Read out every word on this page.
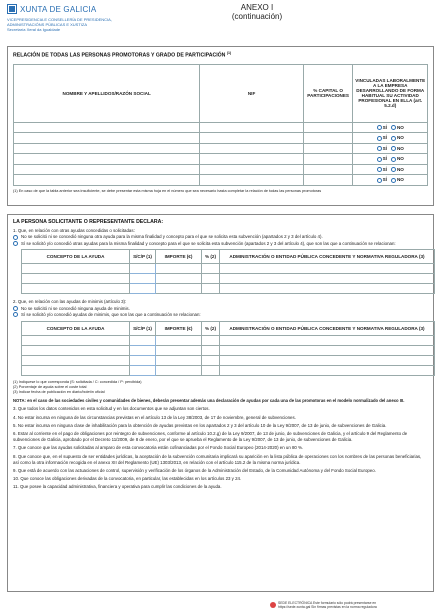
XUNTA DE GALICIA
VICEPRESIDENCIA E CONSELLERÍA DE PRESIDENCIA,
ADMINISTRACIÓNS PÚBLICAS E XUSTIZA
Secretaría Xeral da Igualdade
ANEXO I
(continuación)
RELACIÓN DE TODAS LAS PERSONAS PROMOTORAS Y GRADO DE PARTICIPACIÓN $^{(1)}$
NOMBRE Y APELLIDOS/RAZÓN SOCIAL	NIF	% CAPITAL O PARTICIPACIONES	VINCULADAS LABORALMENTE A LA EMPRESA DESARROLLANDO DE FORMA HABITUAL SU ACTIVIDAD PROFESIONAL EN ELLA (art. 5.2.d)

			SÍ NO

			SÍ NO

			SÍ NO

			SÍ NO

			SÍ NO

			SÍ NO
(1) En caso de que la tabla anterior sea insuficiente, se debe presentar esta misma hoja en el número que sea necesario hasta completar la relación de todas las personas promotoras
LA PERSONA SOLICITANTE O REPRESENTANTE DECLARA:
1. Que, en relación con otras ayudas concedidas o solicitadas:
No se solicitó ni se concedió ninguna otra ayuda para la misma finalidad y concepto para el que se solicita esta subvención (apartados 2 y 3 del artículo 4).
Sí se solicitó y/o concedió otras ayudas para la misma finalidad y concepto para el que se solicita esta subvención (apartados 2 y 3 del artículo 4), que son las que a continuación se relacionan:
CONCEPTO DE LA AYUDA	S/C/P (1)	IMPORTE (€)	% (2)	ADMINISTRACIÓN O ENTIDAD PÚBLICA CONCEDENTE Y NORMATIVA REGULADORA (3)

2. Que, en relación con las ayudas de minimis (artículo 3):
No se solicitó ni se concedió ninguna ayuda de minimis.
Sí se solicitó y/o concedió ayudas de minimis, que son las que a continuación se relacionan:
CONCEPTO DE LA AYUDA	S/C/P (1)	IMPORTE (€)	% (2)	ADMINISTRACIÓN O ENTIDAD PÚBLICA CONCEDENTE Y NORMATIVA REGULADORA (3)

(1) Indíquese lo que corresponda (S: solicitada / C: concedida / P: percibida)
(2) Porcentaje de ayuda sobre el coste total
(3) Indicar fecha de publicación en diario/boletín oficial
NOTA: en el caso de las sociedades civiles y comunidades de bienes, deberán presentar además una declaración de ayudas por cada una de las promotoras en el modelo normalizado del anexo III.
3. Que todos los datos contenidos en esta solicitud y en los documentos que se adjuntan son ciertos.
4. No estar incursa en ninguna de las circunstancias previstas en el artículo 13 de la Ley 38/2003, de 17 de noviembre, general de subvenciones.
5. No estar incursa en ninguna clase de inhabilitación para la obtención de ayudas previstas en los apartados 2 y 3 del artículo 10 de la Ley 9/2007, de 13 de junio, de subvenciones de Galicia.
6. Estar al corriente en el pago de obligaciones por reintegro de subvenciones, conforme al artículo 10.2.g) de la Ley 9/2007, de 13 de junio, de subvenciones de Galicia, y el artículo 9 del Reglamento de subvenciones de Galicia, aprobado por el Decreto 11/2009, de 8 de enero, por el que se aprueba el Reglamento de la Ley 9/2007, de 13 de junio, de subvenciones de Galicia.
7. Que conoce que las ayudas solicitadas al amparo de esta convocatoria están cofinanciadas por el Fondo Social Europeo (2014-2020) en un 80 %.
8. Que conoce que, en el supuesto de ser entidades jurídicas, la aceptación de la subvención comunitaria implicará su aparición en la lista pública de operaciones con los nombres de las personas beneficiarias, así como la otra información recogida en el anexo XII del Reglamento (UE) 1303/2013, en relación con el artículo 115.2 de la misma norma jurídica.
9. Que está de acuerdo con las actuaciones de control, supervisión y verificación de los órganos de la Administración del Estado, de la Comunidad Autónoma y del Fondo Social Europeo.
10. Que conoce las obligaciones derivadas de la convocatoria, en particular, las establecidas en los artículos 23 y 24.
11. Que posee la capacidad administrativa, financiera y operativa para cumplir las condiciones de la ayuda.
SEDE ELECTRÓNICA Este formulario sólo podrá presentarse en
https://sede.xunta.gal Sin firmas previstas en la norma reguladora
